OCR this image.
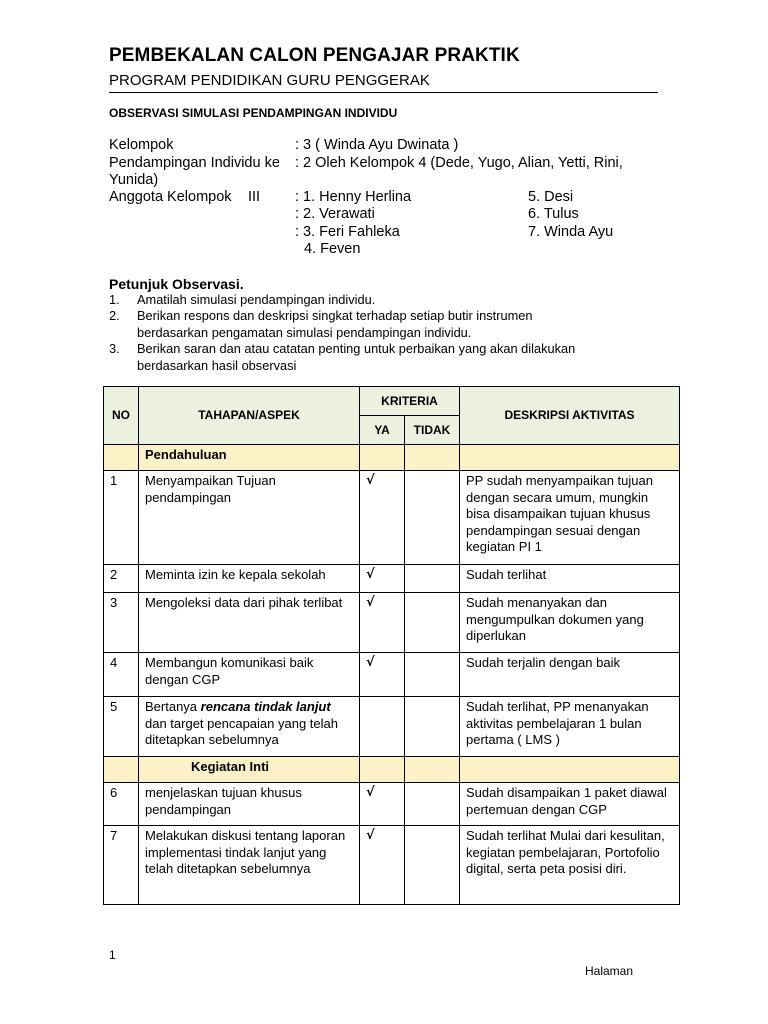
PEMBEKALAN CALON PENGAJAR PRAKTIK
PROGRAM PENDIDIKAN GURU PENGGERAK
OBSERVASI SIMULASI PENDAMPINGAN INDIVIDU
Kelompok	: 3 ( Winda Ayu Dwinata )
Pendampingan Individu ke : 2 Oleh Kelompok 4 (Dede, Yugo, Alian, Yetti, Rini,
Yunida)
Anggota Kelompok III : 1. Henny Herlina
: 2. Verawati
: 3. Feri Fahleka
4. Feven
5. Desi
6. Tulus
7. Winda Ayu
Petunjuk Observasi.
1. Amatilah simulasi pendampingan individu.
2. Berikan respons dan deskripsi singkat terhadap setiap butir instrumen
berdasarkan pengamatan simulasi pendampingan individu.
3. Berikan saran dan atau catatan penting untuk perbaikan yang akan dilakukan
berdasarkan hasil observasi
NO	TAHAPAN/ASPEK	KRITERIA		DESKRIPSI AKTIVITAS
		YA	TIDAK	
	Pendahuluan			
1	Menyampaikan Tujuan pendampingan	√		PP sudah menyampaikan tujuan dengan secara umum, mungkin bisa disampaikan tujuan khusus pendampingan sesuai dengan kegiatan PI 1
2	Meminta izin ke kepala sekolah	√		Sudah terlihat
3	Mengoleksi data dari pihak terlibat	√		Sudah menanyakan dan mengumpulkan dokumen yang diperlukan
4	Membangun komunikasi baik dengan CGP	√		Sudah terjalin dengan baik
5	Bertanya rencana tindak lanjut dan target pencapaian yang telah ditetapkan sebelumnya			Sudah terlihat, PP menanyakan aktivitas pembelajaran 1 bulan pertama ( LMS )
	Kegiatan Inti			
6	menjelaskan tujuan khusus pendampingan	√		Sudah disampaikan 1 paket diawal pertemuan dengan CGP
7	Melakukan diskusi tentang laporan implementasi tindak lanjut yang telah ditetapkan sebelumnya	√		Sudah terlihat Mulai dari kesulitan, kegiatan pembelajaran, Portofolio digital, serta peta posisi diri.
1
Halaman
